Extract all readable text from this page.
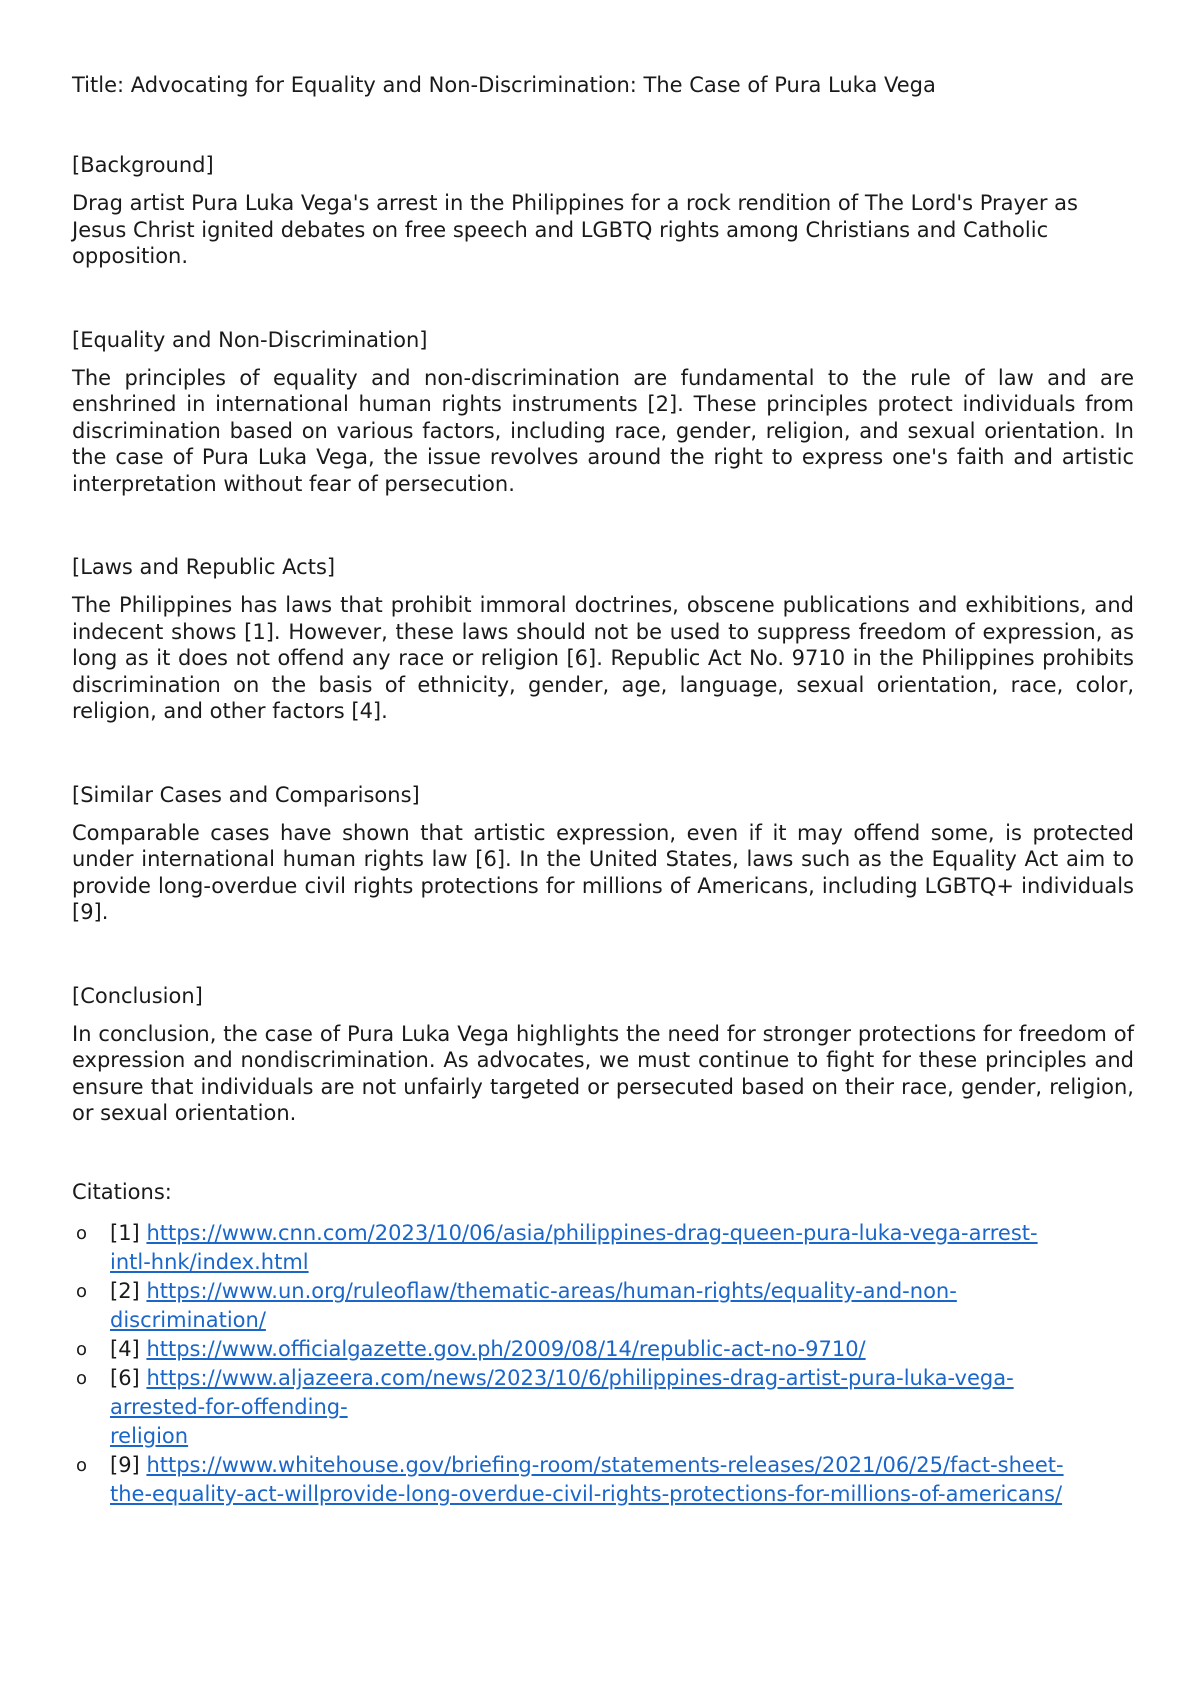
Title: Advocating for Equality and Non-Discrimination: The Case of Pura Luka Vega
[Background]

Drag artist Pura Luka Vega's arrest in the Philippines for a rock rendition of The Lord's Prayer as Jesus Christ ignited debates on free speech and LGBTQ rights among Christians and Catholic opposition.

[Equality and Non-Discrimination]

The principles of equality and non-discrimination are fundamental to the rule of law and are enshrined in international human rights instruments [2]. These principles protect individuals from discrimination based on various factors, including race, gender, religion, and sexual orientation. In the case of Pura Luka Vega, the issue revolves around the right to express one's faith and artistic interpretation without fear of persecution.

[Laws and Republic Acts]

The Philippines has laws that prohibit immoral doctrines, obscene publications and exhibitions, and indecent shows [1]. However, these laws should not be used to suppress freedom of expression, as long as it does not offend any race or religion [6]. Republic Act No. 9710 in the Philippines prohibits discrimination on the basis of ethnicity, gender, age, language, sexual orientation, race, color, religion, and other factors [4].

[Similar Cases and Comparisons]

Comparable cases have shown that artistic expression, even if it may offend some, is protected under international human rights law [6]. In the United States, laws such as the Equality Act aim to provide long-overdue civil rights protections for millions of Americans, including LGBTQ+ individuals [9].

[Conclusion]

In conclusion, the case of Pura Luka Vega highlights the need for stronger protections for freedom of expression and nondiscrimination. As advocates, we must continue to fight for these principles and ensure that individuals are not unfairly targeted or persecuted based on their race, gender, religion, or sexual orientation.

Citations:
o [1] https://www.cnn.com/2023/10/06/asia/philippines-drag-queen-pura-luka-vega-arrest-
intl-hnk/index.html
o [2] https://www.un.org/ruleoflaw/thematic-areas/human-rights/equality-and-non-
discrimination/
o [4] https://www.officialgazette.gov.ph/2009/08/14/republic-act-no-9710/
o [6] https://www.aljazeera.com/news/2023/10/6/philippines-drag-artist-pura-luka-vega-
arrested-for-offending-
religion
o [9] https://www.whitehouse.gov/briefing-room/statements-releases/2021/06/25/fact-sheet-
the-equality-act-willprovide-long-overdue-civil-rights-protections-for-millions-of-americans/
